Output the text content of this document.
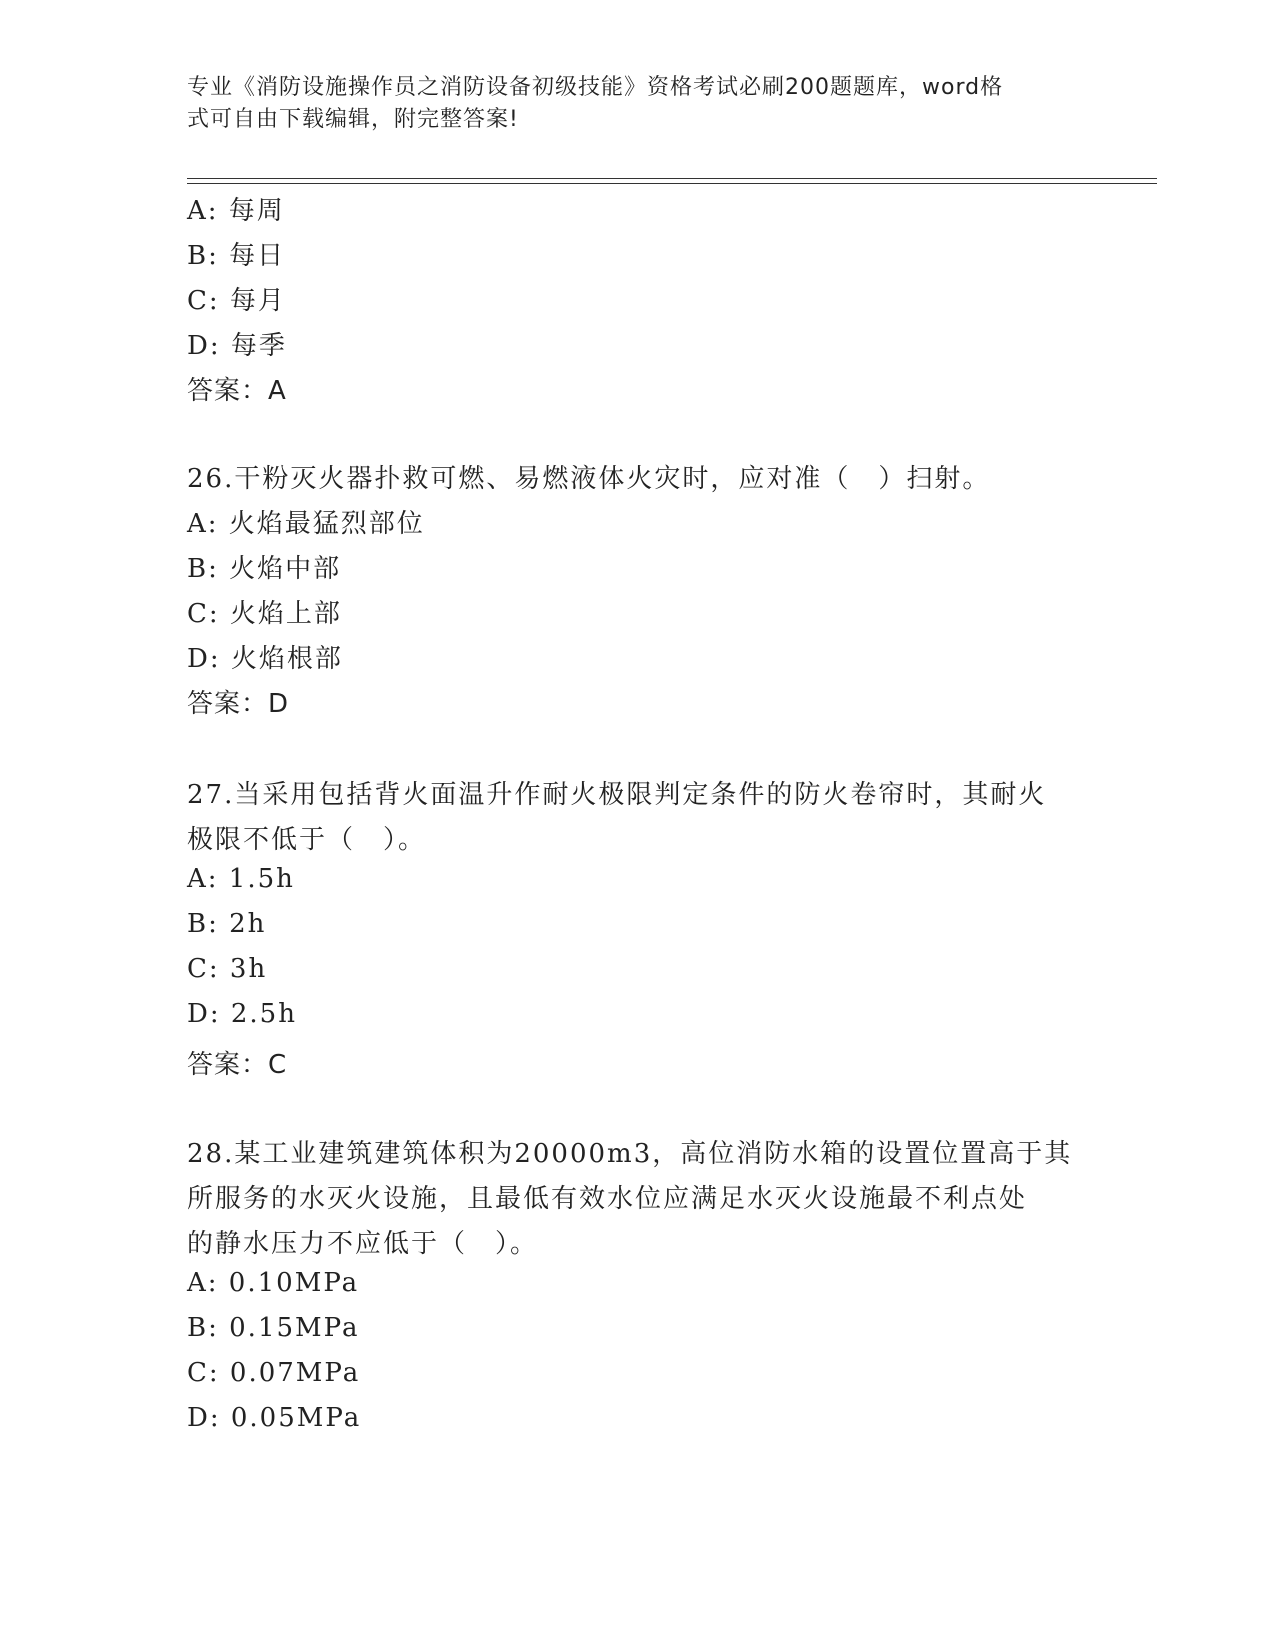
专业《消防设施操作员之消防设备初级技能》资格考试必刷200题题库，word格
式可自由下载编辑，附完整答案!
A: 每周
B: 每日
C: 每月
D: 每季
答案：A
26.干粉灭火器扑救可燃、易燃液体火灾时，应对准（　）扫射。
A: 火焰最猛烈部位
B: 火焰中部
C: 火焰上部
D: 火焰根部
答案：D
27.当采用包括背火面温升作耐火极限判定条件的防火卷帘时，其耐火
极限不低于（　）。
A: 1.5h
B: 2h
C: 3h
D: 2.5h
答案：C
28.某工业建筑建筑体积为20000m3，高位消防水箱的设置位置高于其
所服务的水灭火设施，且最低有效水位应满足水灭火设施最不利点处
的静水压力不应低于（　）。
A: 0.10MPa
B: 0.15MPa
C: 0.07MPa
D: 0.05MPa
